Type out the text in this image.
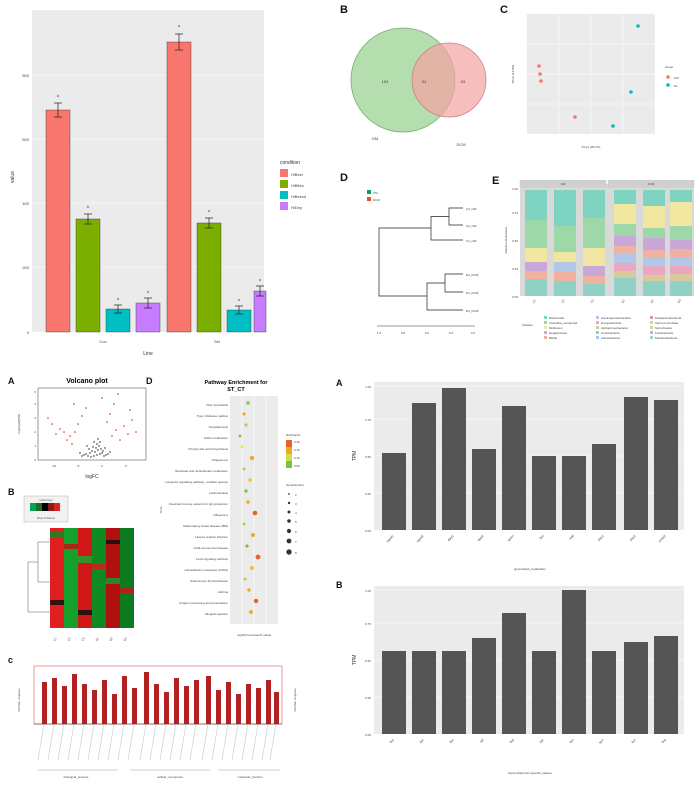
0
200
400
600
800
b
b
b
b
a
a
a
a
Con	Sel
Line
value
condition
HiBeel
HiBflen
HiBeesd
HiDep
B
154	34	63
GM
DCM
C
PCo1 (38.1%)
PCo2 (19.8%)	Group
CM
DL
D
C3_GM
C2_GM
C1_GM
D2_DCM
D1_DCM
D3_DCM
1.0	0.8	0.6	0.4	0.2
CM
DCM
E	GM	DCM
0.00
0.25
0.50
0.75
1.00
Relative Abundance
C1	C2	C3	D1	D2	D3
Classes
Bacteroidia
Clostridia_uncultured
Mollicutes
Negativicutes
Bacilli
Gammaproteobacteria
Erysipelotrichia
Alphaproteobacteria
Coriobacteriia
Actinobacteria
Deltaproteobacteria
Verrucomicrobiae
Spirochaetia
Fusobacteriia
Methanobacteria
A	Volcano plot
-10	-5	0	5
logFC
-log10(adjPDR)
0
1
2
3
4
5
B
Color Key
Row Z-Score
C1	C2	C3	D1	D2	D3
c
Number of genes	Number of genes
biological_process	cellular_component	molecular_function
D	Pathway Enrichment for
ST_CT
Viral myocarditis
Type I diabetes mellitus
Toxoplasmosis
Sulfur metabolism
Primary bile acid biosynthesis
Phagosome
Nicotinate and nicotinamide metabolism
Longevity regulating pathway - multiple species
Leishmaniasis
Intestinal immune network for IgA production
Influenza A
Inflammatory bowel disease (IBD)
Herpes simplex infection
Graft-versus-host disease
FoxO signaling pathway
Cell adhesion molecules (CAMs)
Autoimmune thyroid disease
Asthma
Antigen processing and presentation
Allograft rejection
-log10(Corrected P-value)
Term
RichFactor
0.20
0.15
0.10
0.05
GeneNumber
2
3
4
5
6
7
8
A
0.00
0.25
0.50
0.75
1.00
TPM
agpat1	agpat2	dgat1	dgat2	gpam	lipe	mgll	plpp1	plpp2	pnpla2
glycerolipid_metabolism
B
0.00
0.25
0.50
0.75
1.00
TPM
lipa	lipc	lipe	lipf	lipg	lipk	lipn	lipm	lipo	lipq
Glycerolipid-non-specific_lipases
